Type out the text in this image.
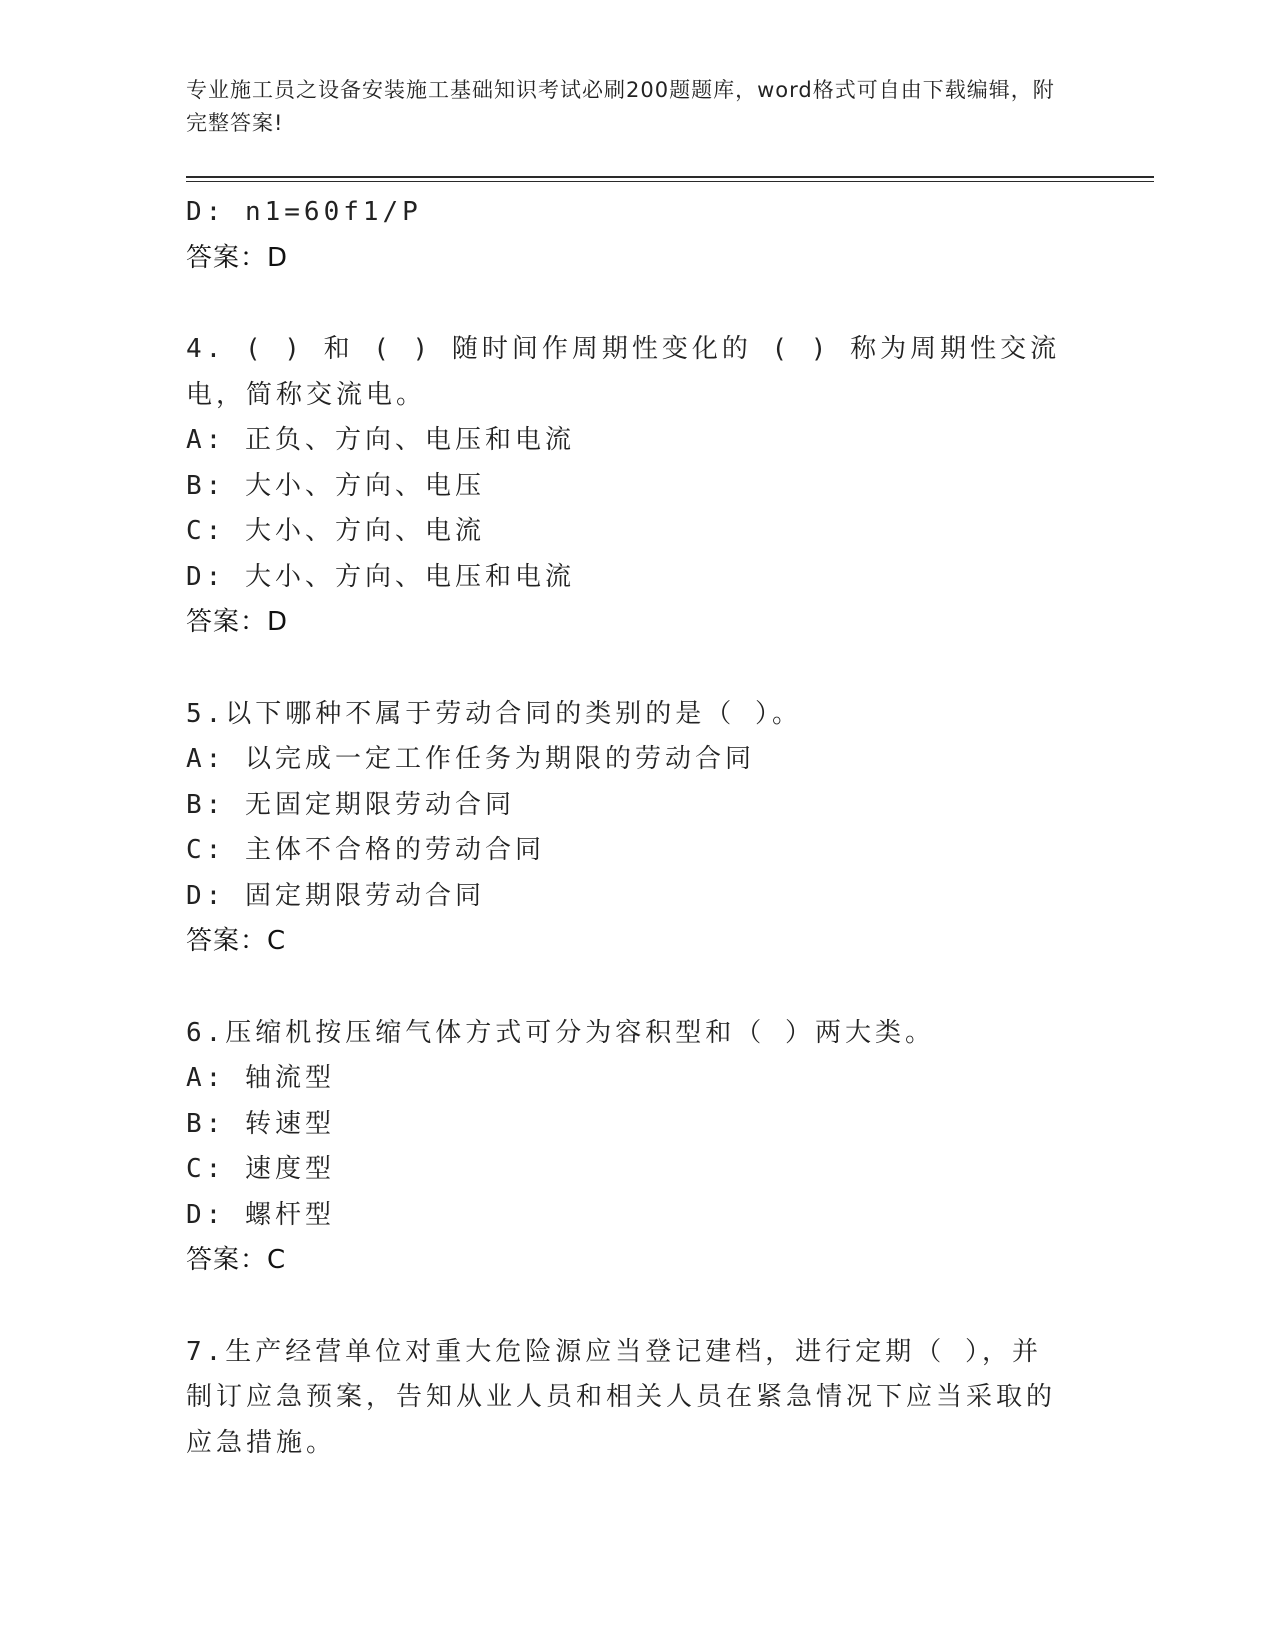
专业施工员之设备安装施工基础知识考试必刷200题题库，word格式可自由下载编辑，附完整答案!
D: n1=60f1/P
答案：D
4. ( ) 和 ( ) 随时间作周期性变化的 ( ) 称为周期性交流电，简称交流电。
A: 正负、方向、电压和电流
B: 大小、方向、电压
C: 大小、方向、电流
D: 大小、方向、电压和电流
答案：D
5.以下哪种不属于劳动合同的类别的是（ ）。
A: 以完成一定工作任务为期限的劳动合同
B: 无固定期限劳动合同
C: 主体不合格的劳动合同
D: 固定期限劳动合同
答案：C
6.压缩机按压缩气体方式可分为容积型和（ ）两大类。
A: 轴流型
B: 转速型
C: 速度型
D: 螺杆型
答案：C
7.生产经营单位对重大危险源应当登记建档，进行定期（ ），并制订应急预案，告知从业人员和相关人员在紧急情况下应当采取的应急措施。
